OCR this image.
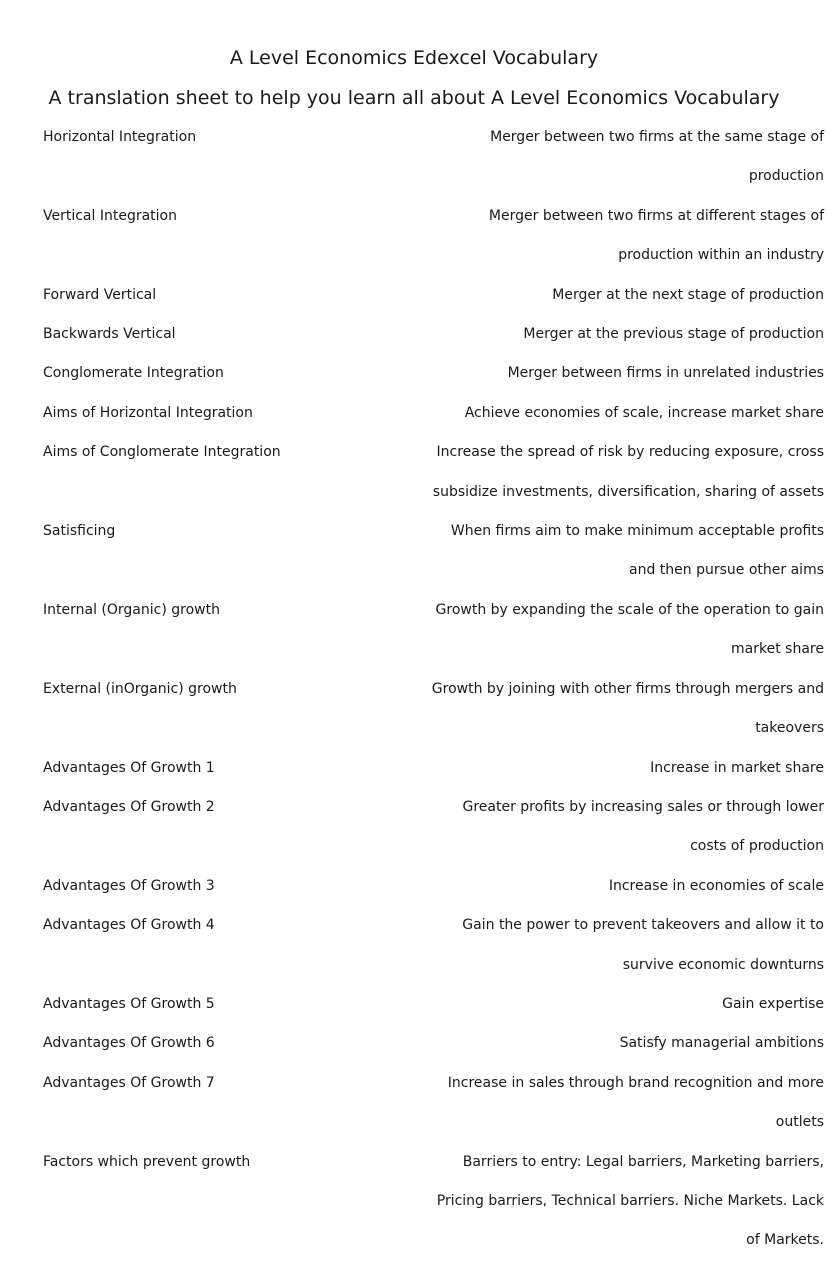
A Level Economics Edexcel Vocabulary
A translation sheet to help you learn all about A Level Economics Vocabulary
Horizontal Integration	Merger between two firms at the same stage of production
Vertical Integration	Merger between two firms at different stages of production within an industry
Forward Vertical	Merger at the next stage of production
Backwards Vertical	Merger at the previous stage of production
Conglomerate Integration	Merger between firms in unrelated industries
Aims of Horizontal Integration	Achieve economies of scale, increase market share
Aims of Conglomerate Integration	Increase the spread of risk by reducing exposure, cross subsidize investments, diversification, sharing of assets
Satisficing	When firms aim to make minimum acceptable profits and then pursue other aims
Internal (Organic) growth	Growth by expanding the scale of the operation to gain market share
External (inOrganic) growth	Growth by joining with other firms through mergers and takeovers
Advantages Of Growth 1	Increase in market share
Advantages Of Growth 2	Greater profits by increasing sales or through lower costs of production
Advantages Of Growth 3	Increase in economies of scale
Advantages Of Growth 4	Gain the power to prevent takeovers and allow it to survive economic downturns
Advantages Of Growth 5	Gain expertise
Advantages Of Growth 6	Satisfy managerial ambitions
Advantages Of Growth 7	Increase in sales through brand recognition and more outlets
Factors which prevent growth	Barriers to entry: Legal barriers, Marketing barriers, Pricing barriers, Technical barriers. Niche Markets. Lack of Markets.
